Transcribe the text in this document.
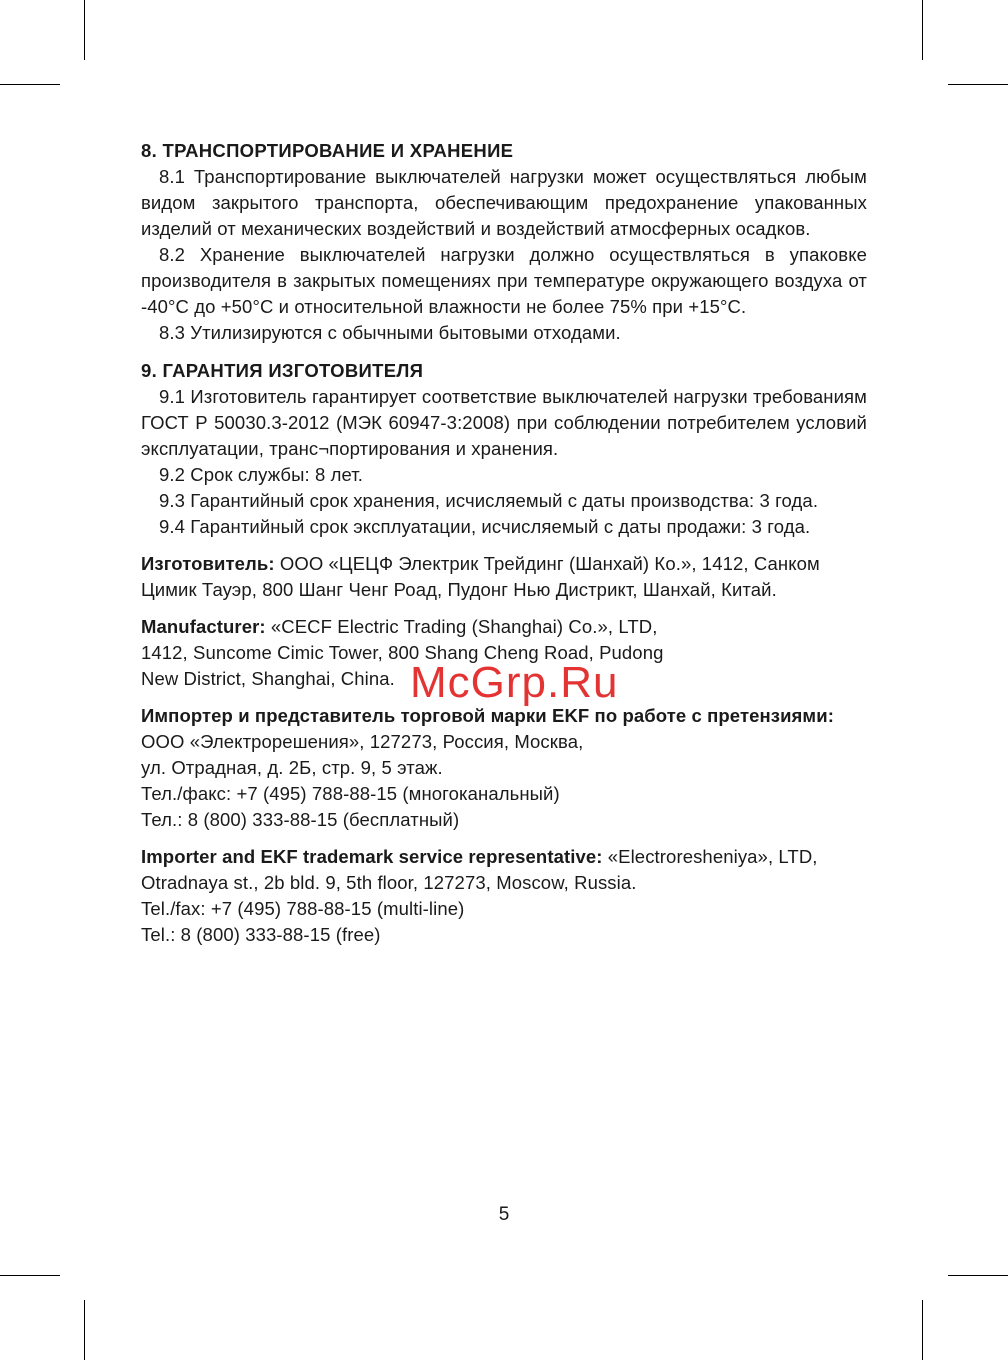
8. ТРАНСПОРТИРОВАНИЕ И ХРАНЕНИЕ

8.1 Транспортирование выключателей нагрузки может осуществляться любым видом закрытого транспорта, обеспечивающим предохранение упакованных изделий от механических воздействий и воздействий атмосферных осадков.

8.2 Хранение выключателей нагрузки должно осуществляться в упаковке производителя в закрытых помещениях при температуре окружающего воздуха от -40°С до +50°С и относительной влажности не более 75% при +15°С.

8.3 Утилизируются с обычными бытовыми отходами.

9. ГАРАНТИЯ ИЗГОТОВИТЕЛЯ

9.1 Изготовитель гарантирует соответствие выключателей нагрузки требованиям ГОСТ Р 50030.3-2012 (МЭК 60947-3:2008) при соблюдении потребителем условий эксплуатации, транс¬портирования и хранения.

9.2 Срок службы: 8 лет.

9.3 Гарантийный срок хранения, исчисляемый с даты производства: 3 года.

9.4 Гарантийный срок эксплуатации, исчисляемый с даты продажи: 3 года.

Изготовитель: ООО «ЦЕЦФ Электрик Трейдинг (Шанхай) Ко.», 1412, Санком
Цимик Тауэр, 800 Шанг Ченг Роад, Пудонг Нью Дистрикт, Шанхай, Китай.
Manufacturer: «CECF Electric Trading (Shanghai) Co.», LTD,
1412, Suncome Cimic Tower, 800 Shang Cheng Road, Pudong
New District, Shanghai, China.
Импортер и представитель торговой марки EKF по работе с претензиями:
ООО «Электрорешения», 127273, Россия, Москва,
ул. Отрадная, д. 2Б, стр. 9, 5 этаж.
Тел./факс: +7 (495) 788-88-15 (многоканальный)
Тел.: 8 (800) 333-88-15 (бесплатный)
Importer and EKF trademark service representative: «Electroresheniya», LTD,
Otradnaya st., 2b bld. 9, 5th floor, 127273, Moscow, Russia.
Tel./fax: +7 (495) 788-88-15 (multi-line)
Tel.: 8 (800) 333-88-15 (free)
McGrp.Ru
5
